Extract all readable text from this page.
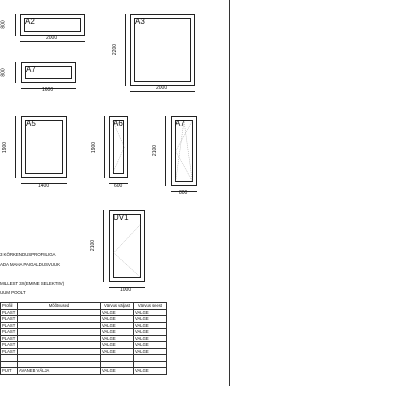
A2
800
2000
A3
2200
2000
A7
800
1600
A5
1900
1400
A6
1900
600
A7
2100
800
UV1
2100
1000
3 KÕRKENDUSPROFIILIGA
ADA MAHA PAIGALDUSVUUK
MILLEST 3X(EMINE SELEKTIIV)
UUM POOLT
Profiil	Mõõtvused	Värvus väljast	Värvus seest
PLAST		VALGE	VALGE
PLAST		VALGE	VALGE
PLAST		VALGE	VALGE
PLAST		VALGE	VALGE
PLAST		VALGE	VALGE
PLAST		VALGE	VALGE
PLAST		VALGE	VALGE

PUIT	AVANEB VÄLJA	VALGE	VALGE
